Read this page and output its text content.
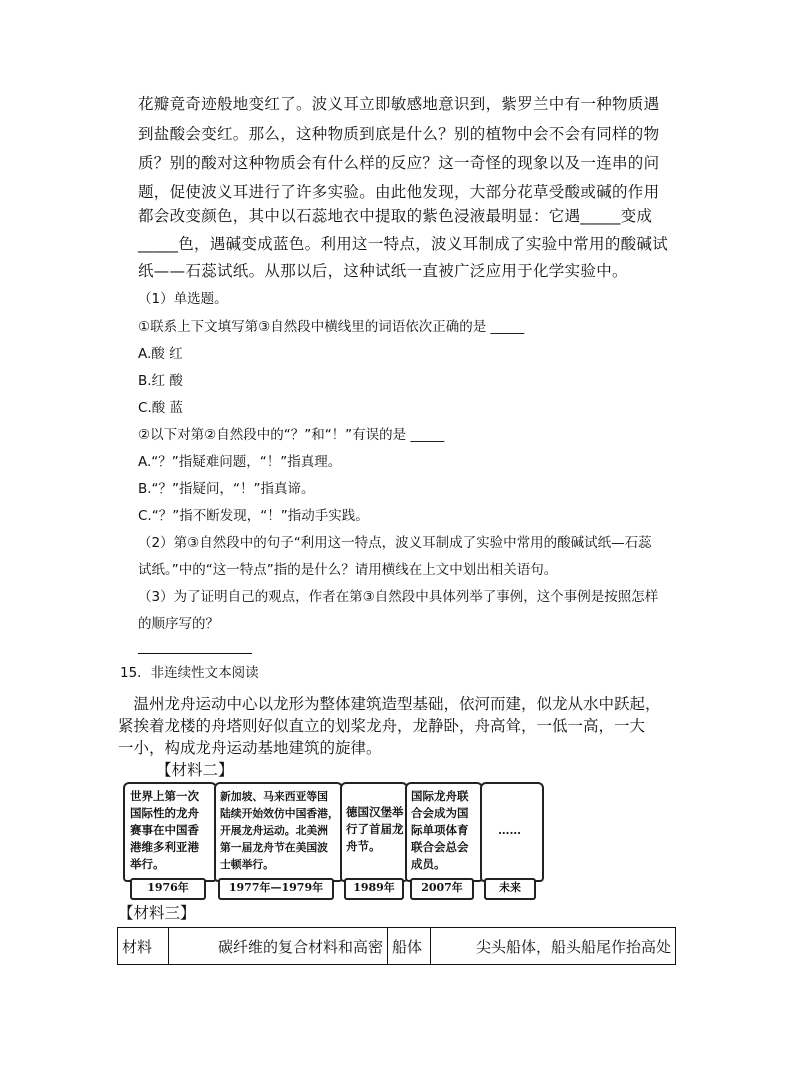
花瓣竟奇迹般地变红了。波义耳立即敏感地意识到，紫罗兰中有一种物质遇
到盐酸会变红。那么，这种物质到底是什么？别的植物中会不会有同样的物
质？别的酸对这种物质会有什么样的反应？这一奇怪的现象以及一连串的问
题，促使波义耳进行了许多实验。由此他发现，大部分花草受酸或碱的作用
都会改变颜色，其中以石蕊地衣中提取的紫色浸液最明显：它遇_____变成
_____色，遇碱变成蓝色。利用这一特点，波义耳制成了实验中常用的酸碱试
纸——石蕊试纸。从那以后，这种试纸一直被广泛应用于化学实验中。
（1）单选题。
①联系上下文填写第③自然段中横线里的词语依次正确的是 _____
A.酸 红
B.红 酸
C.酸 蓝
②以下对第②自然段中的“？”和“！”有误的是 _____
A.“？”指疑难问题，“！”指真理。
B.“？”指疑问，“！”指真谛。
C.“？”指不断发现，“！”指动手实践。
（2）第③自然段中的句子“利用这一特点，波义耳制成了实验中常用的酸碱试纸—石蕊
试纸。”中的“这一特点”指的是什么？请用横线在上文中划出相关语句。
（3）为了证明自己的观点，作者在第③自然段中具体列举了事例，这个事例是按照怎样
的顺序写的？
15．非连续性文本阅读
　温州龙舟运动中心以龙形为整体建筑造型基础，依河而建，似龙从水中跃起，
紧挨着龙楼的舟塔则好似直立的划桨龙舟，龙静卧，舟高耸，一低一高，一大
一小，构成龙舟运动基地建筑的旋律。
【材料二】
世界上第一次
国际性的龙舟
赛事在中国香
港维多利亚港
举行。
新加坡、马来西亚等国
陆续开始效仿中国香港，
开展龙舟运动。北美洲
第一届龙舟节在美国波
士顿举行。
德国汉堡举
行了首届龙
舟节。
国际龙舟联
合会成为国
际单项体育
联合会总会
成员。
……
1976年	1977年—1979年	1989年	2007年	未来
【材料三】
材料	碳纤维的复合材料和高密	船体	尖头船体，船头船尾作抬高处
